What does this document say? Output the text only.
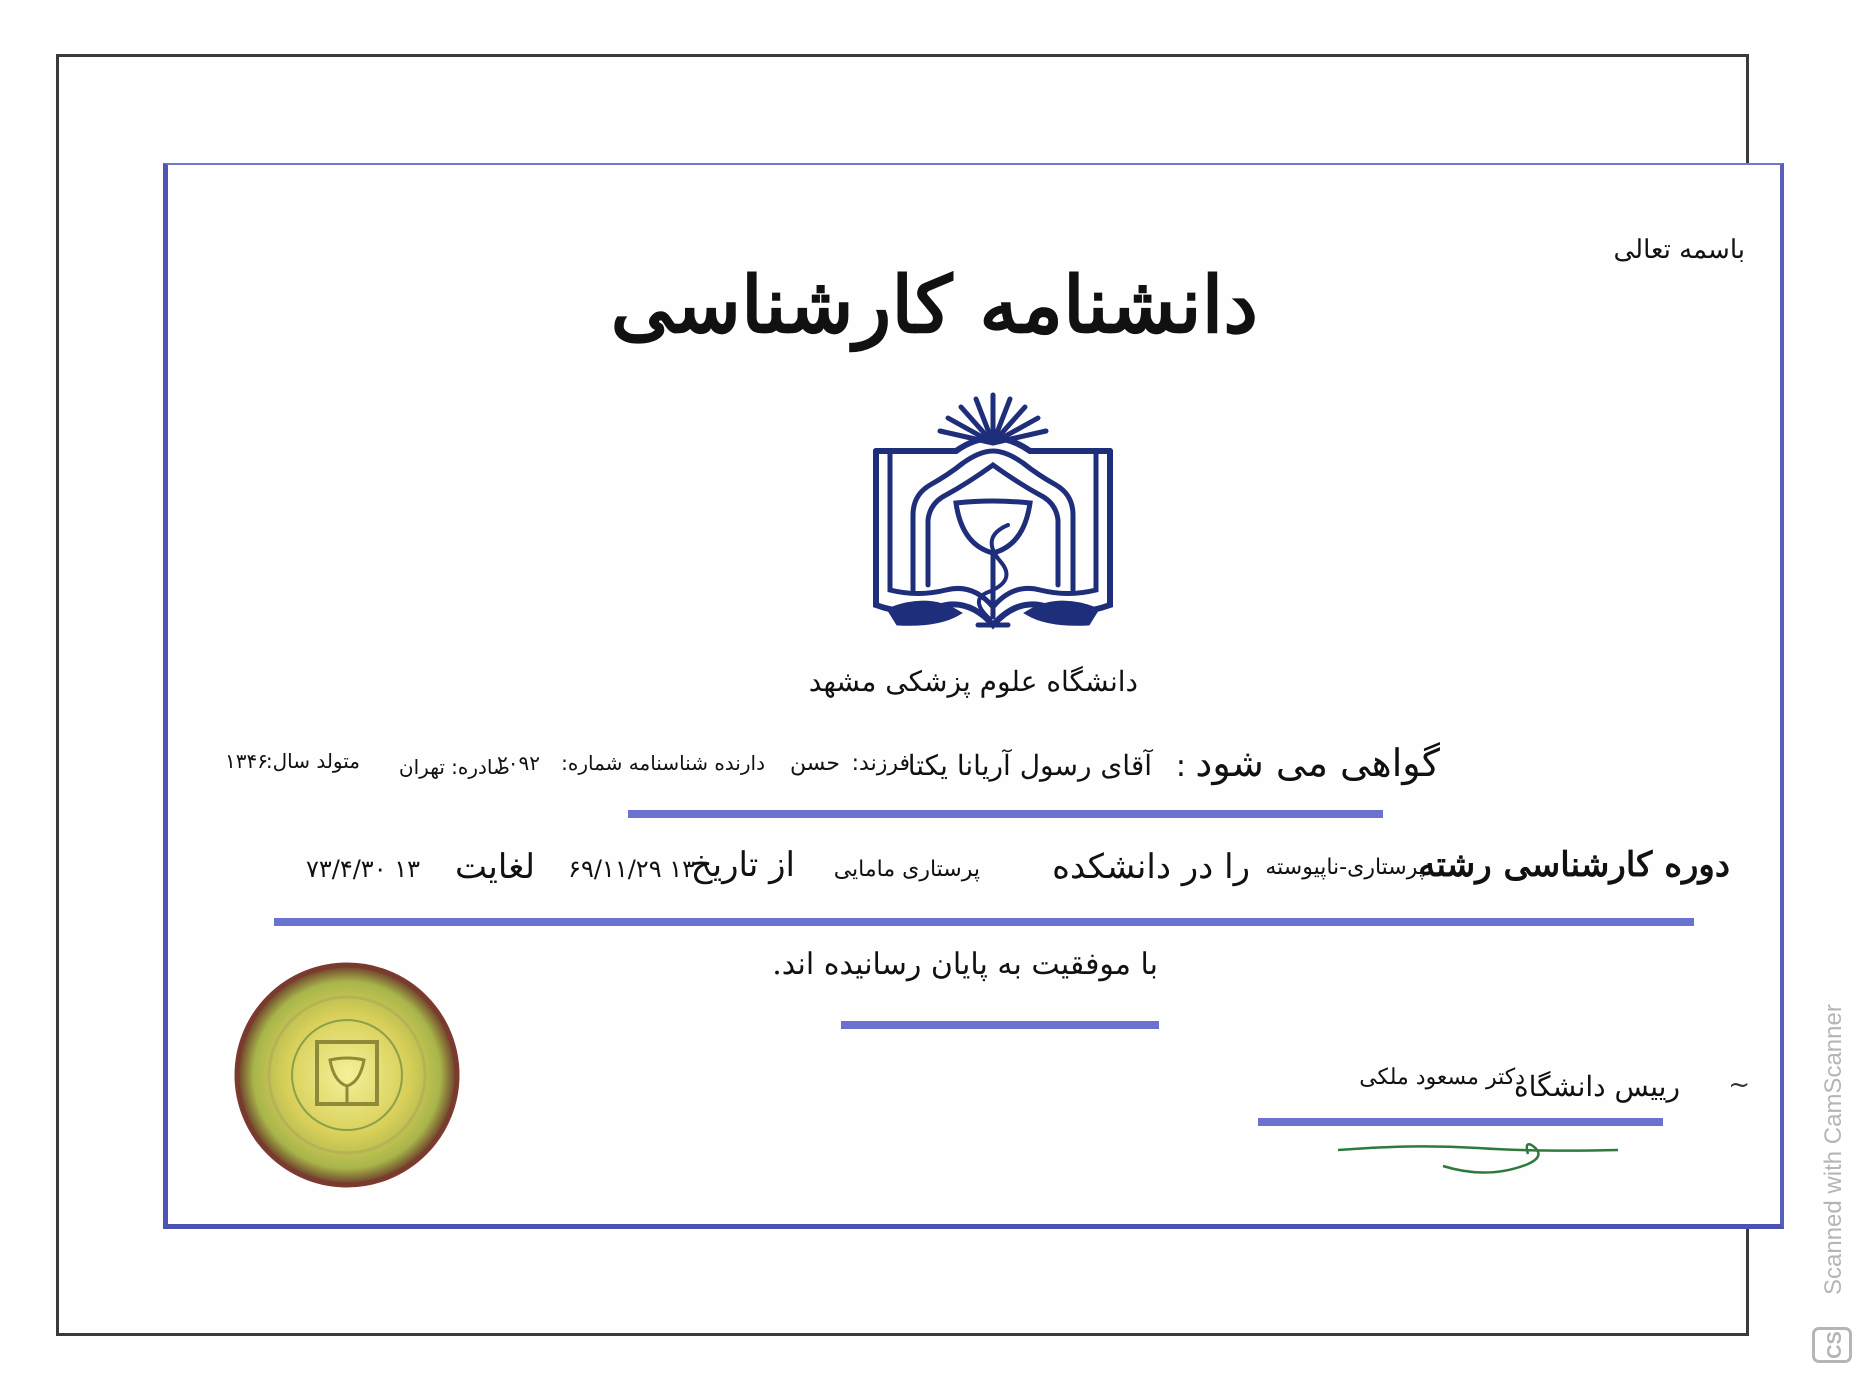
باسمه تعالی
دانشنامه کارشناسی
دانشگاه علوم پزشکی مشهد
گواهی می شود
:
آقای رسول آریانا یکتا
فرزند:
حسن
دارنده شناسنامه شماره:
۲۰۹۲
صادره:
تهران
متولد سال:
۱۳۴۶
دوره کارشناسی رشته
پرستاری-ناپیوسته
را در دانشکده
پرستاری مامایی
از تاریخ
۱۳ ۶۹/۱۱/۲۹
لغایت
۱۳ ۷۳/۴/۳۰
با موفقیت به پایان رسانیده اند.
رییس دانشگاه
دکتر مسعود ملکی	~	Scanned with CamScanner
CS
